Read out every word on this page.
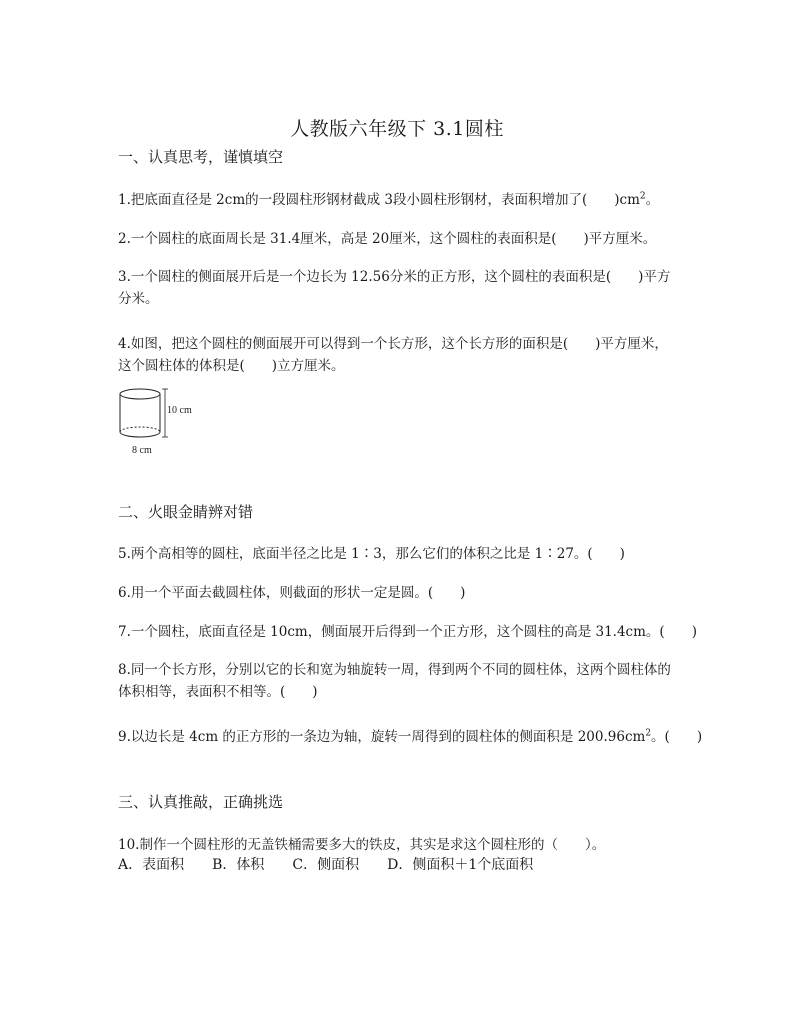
人教版六年级下 3.1圆柱
一、认真思考，谨慎填空
1.把底面直径是 2cm的一段圆柱形钢材截成 3段小圆柱形钢材，表面积增加了(　　)$cm^2$。
2.一个圆柱的底面周长是 31.4厘米，高是 20厘米，这个圆柱的表面积是(　　)平方厘米。
3.一个圆柱的侧面展开后是一个边长为 12.56分米的正方形，这个圆柱的表面积是(　　)平方
分米。
4.如图，把这个圆柱的侧面展开可以得到一个长方形，这个长方形的面积是(　　)平方厘米，
这个圆柱体的体积是(　　)立方厘米。
10 cm
8 cm
二、火眼金睛辨对错
5.两个高相等的圆柱，底面半径之比是 1∶3，那么它们的体积之比是 1∶27。(　　)
6.用一个平面去截圆柱体，则截面的形状一定是圆。(　　)
7.一个圆柱，底面直径是 10cm，侧面展开后得到一个正方形，这个圆柱的高是 31.4cm。(　　)
8.同一个长方形，分别以它的长和宽为轴旋转一周，得到两个不同的圆柱体，这两个圆柱体的
体积相等，表面积不相等。(　　)
9.以边长是 4cm 的正方形的一条边为轴，旋转一周得到的圆柱体的侧面积是 $200.96cm^2$。(　　)
三、认真推敲，正确挑选
10.制作一个圆柱形的无盖铁桶需要多大的铁皮，其实是求这个圆柱形的（　　）。
A．表面积　　B．体积　　C．侧面积　　D．侧面积＋1个底面积
